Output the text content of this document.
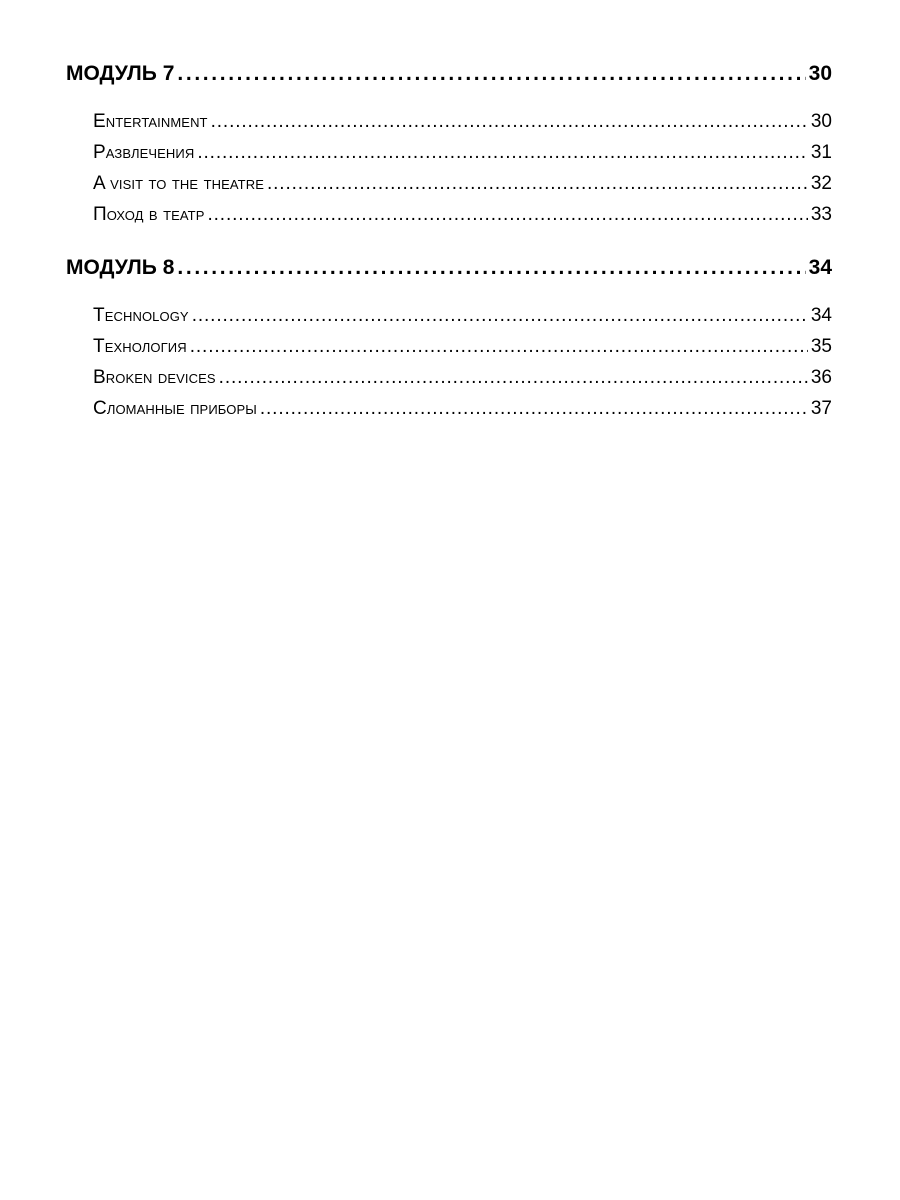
МОДУЛЬ 7 . . .	30
Entertainment . . .	30
Развлечения . . .	31
A visit to the theatre . . .	32
Поход в театр . . .	33
МОДУЛЬ 8 . . .	34
Technology . . .	34
Технология . . .	35
Broken devices . . .	36
Сломанные приборы . . .	37
